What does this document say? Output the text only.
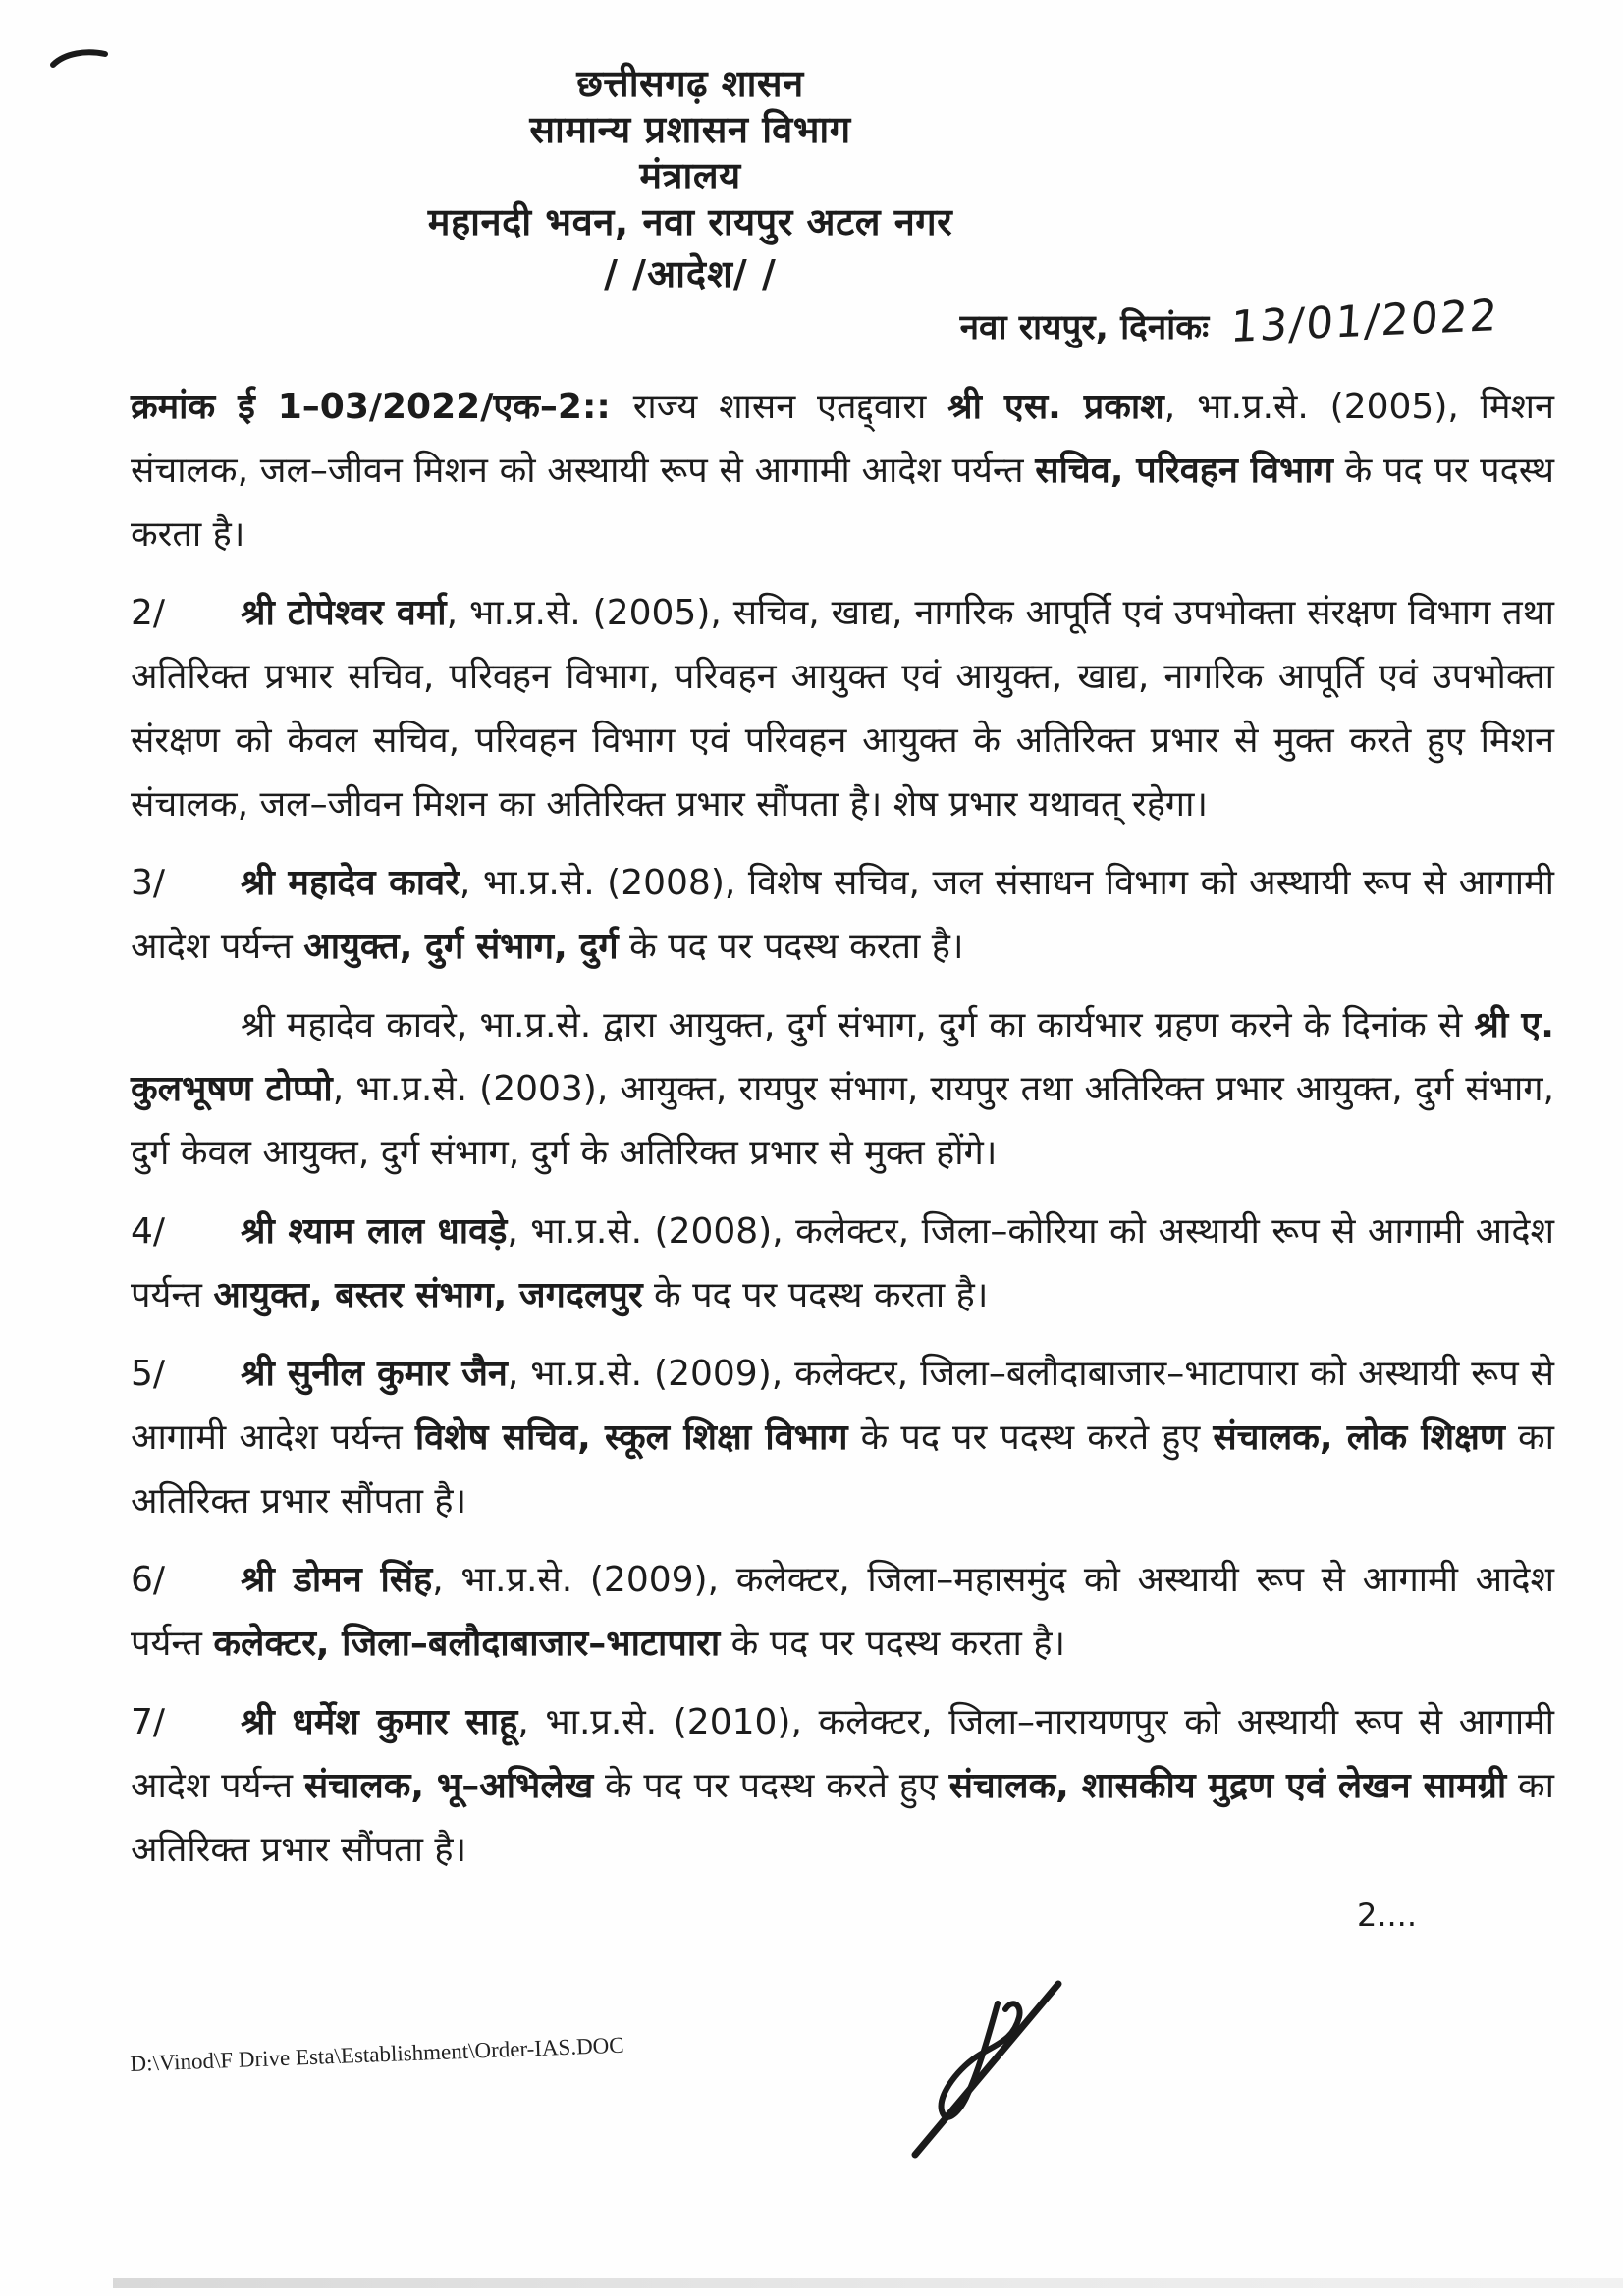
छत्तीसगढ़ शासन
सामान्य प्रशासन विभाग
मंत्रालय
महानदी भवन, नवा रायपुर अटल नगर
/ /आदेश/ /
नवा रायपुर, दिनांकः 13/01/2022

क्रमांक ई 1–03/2022/एक–2:: राज्य शासन एतद्द्वारा श्री एस. प्रकाश, भा.प्र.से. (2005), मिशन संचालक, जल–जीवन मिशन को अस्थायी रूप से आगामी आदेश पर्यन्त सचिव, परिवहन विभाग के पद पर पदस्थ करता है।

2/ श्री टोपेश्वर वर्मा, भा.प्र.से. (2005), सचिव, खाद्य, नागरिक आपूर्ति एवं उपभोक्ता संरक्षण विभाग तथा अतिरिक्त प्रभार सचिव, परिवहन विभाग, परिवहन आयुक्त एवं आयुक्त, खाद्य, नागरिक आपूर्ति एवं उपभोक्ता संरक्षण को केवल सचिव, परिवहन विभाग एवं परिवहन आयुक्त के अतिरिक्त प्रभार से मुक्त करते हुए मिशन संचालक, जल–जीवन मिशन का अतिरिक्त प्रभार सौंपता है। शेष प्रभार यथावत् रहेगा।

3/ श्री महादेव कावरे, भा.प्र.से. (2008), विशेष सचिव, जल संसाधन विभाग को अस्थायी रूप से आगामी आदेश पर्यन्त आयुक्त, दुर्ग संभाग, दुर्ग के पद पर पदस्थ करता है।

श्री महादेव कावरे, भा.प्र.से. द्वारा आयुक्त, दुर्ग संभाग, दुर्ग का कार्यभार ग्रहण करने के दिनांक से श्री ए. कुलभूषण टोप्पो, भा.प्र.से. (2003), आयुक्त, रायपुर संभाग, रायपुर तथा अतिरिक्त प्रभार आयुक्त, दुर्ग संभाग, दुर्ग केवल आयुक्त, दुर्ग संभाग, दुर्ग के अतिरिक्त प्रभार से मुक्त होंगे।

4/ श्री श्याम लाल धावड़े, भा.प्र.से. (2008), कलेक्टर, जिला–कोरिया को अस्थायी रूप से आगामी आदेश पर्यन्त आयुक्त, बस्तर संभाग, जगदलपुर के पद पर पदस्थ करता है।

5/ श्री सुनील कुमार जैन, भा.प्र.से. (2009), कलेक्टर, जिला–बलौदाबाजार–भाटापारा को अस्थायी रूप से आगामी आदेश पर्यन्त विशेष सचिव, स्कूल शिक्षा विभाग के पद पर पदस्थ करते हुए संचालक, लोक शिक्षण का अतिरिक्त प्रभार सौंपता है।

6/ श्री डोमन सिंह, भा.प्र.से. (2009), कलेक्टर, जिला–महासमुंद को अस्थायी रूप से आगामी आदेश पर्यन्त कलेक्टर, जिला–बलौदाबाजार–भाटापारा के पद पर पदस्थ करता है।

7/ श्री धर्मेश कुमार साहू, भा.प्र.से. (2010), कलेक्टर, जिला–नारायणपुर को अस्थायी रूप से आगामी आदेश पर्यन्त संचालक, भू–अभिलेख के पद पर पदस्थ करते हुए संचालक, शासकीय मुद्रण एवं लेखन सामग्री का अतिरिक्त प्रभार सौंपता है।

2....
D:\Vinod\F Drive Esta\Establishment\Order-IAS.DOC
